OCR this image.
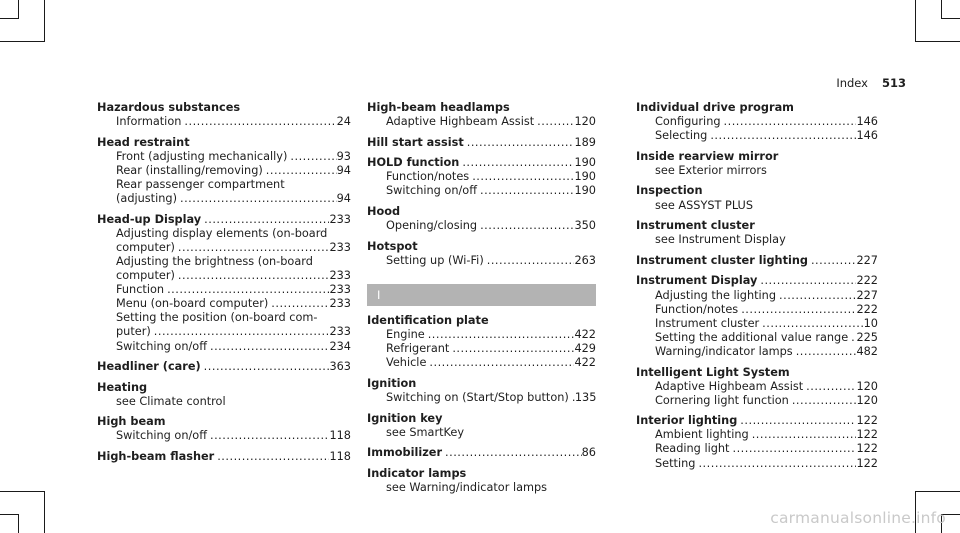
Index 513
Hazardous substances
Information .....	24
Head restraint
Front (adjusting mechanically) .....	93
Rear (installing/removing) .....	94
Rear passenger compartment
(adjusting) .....	94
Head-up Display .....	233
Adjusting display elements (on-board
computer) .....	233
Adjusting the brightness (on-board
computer) .....	233
Function .....	233
Menu (on-board computer) .....	233
Setting the position (on-board com-
puter) .....	233
Switching on/off .....	234
Headliner (care) .....	363
Heating
see Climate control
High beam
Switching on/off .....	118
High-beam flasher .....	118
High-beam headlamps
Adaptive Highbeam Assist .....	120
Hill start assist .....	189
HOLD function .....	190
Function/notes .....	190
Switching on/off .....	190
Hood
Opening/closing .....	350
Hotspot
Setting up (Wi-Fi) .....	263
I
Identification plate
Engine .....	422
Refrigerant .....	429
Vehicle .....	422
Ignition
Switching on (Start/Stop button) ..... 135
Ignition key
see SmartKey
Immobilizer .....	86
Indicator lamps
see Warning/indicator lamps
Individual drive program
Configuring .....	146
Selecting .....	146
Inside rearview mirror
see Exterior mirrors
Inspection
see ASSYST PLUS
Instrument cluster
see Instrument Display
Instrument cluster lighting .....	227
Instrument Display .....	222
Adjusting the lighting .....	227
Function/notes .....	222
Instrument cluster .....	10
Setting the additional value range ..... 225
Warning/indicator lamps .....	482
Intelligent Light System
Adaptive Highbeam Assist .....	120
Cornering light function .....	120
Interior lighting .....	122
Ambient lighting .....	122
Reading light .....	122
Setting .....	122
carmanualsonline.info
